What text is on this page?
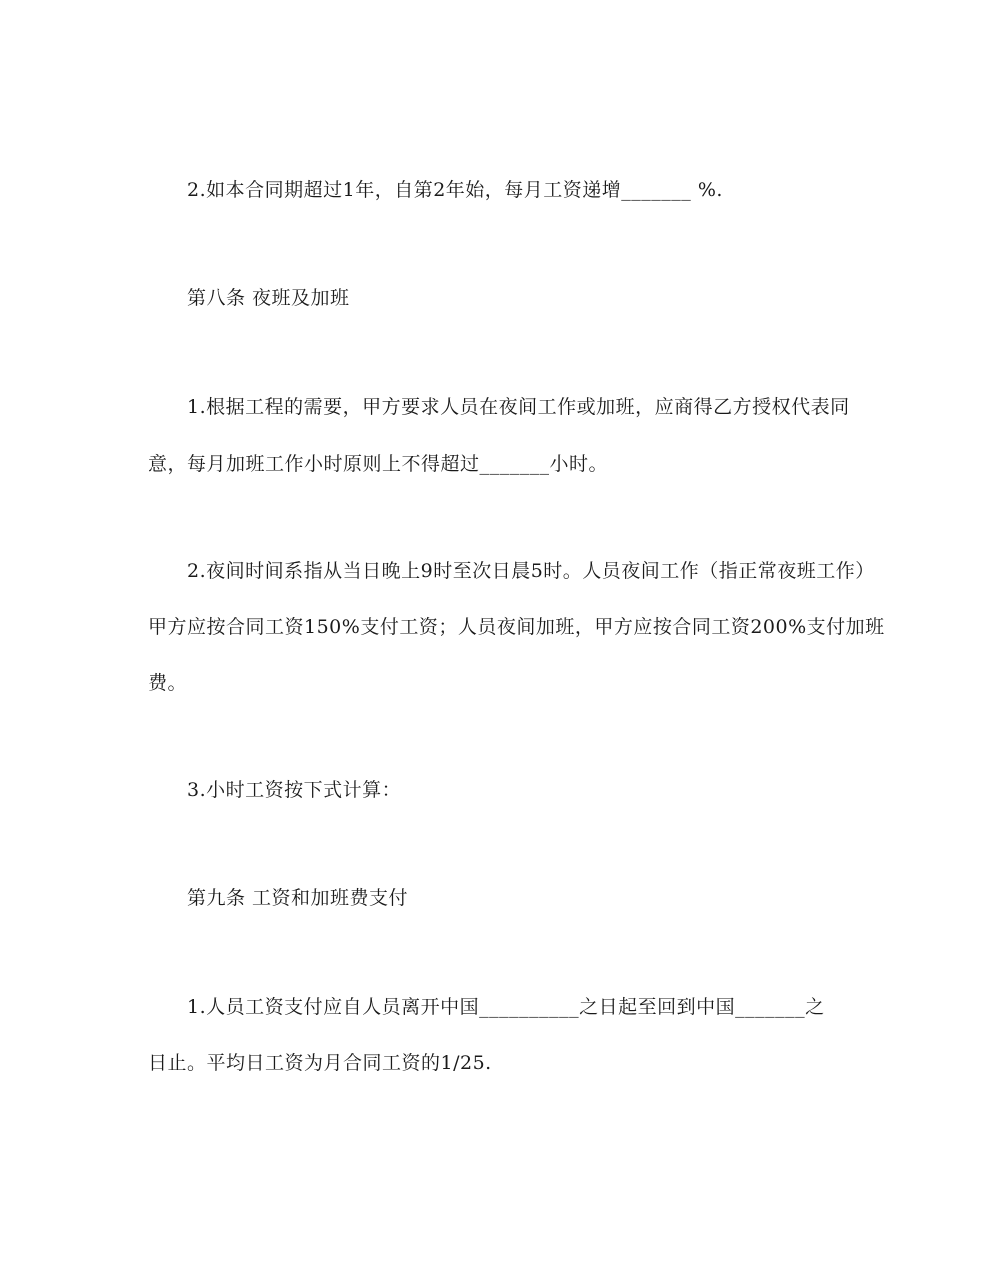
2.如本合同期超过1年，自第2年始，每月工资递增_______ %.
第八条 夜班及加班
1.根据工程的需要，甲方要求人员在夜间工作或加班，应商得乙方授权代表同
意，每月加班工作小时原则上不得超过_______小时。
2.夜间时间系指从当日晚上9时至次日晨5时。人员夜间工作（指正常夜班工作）
甲方应按合同工资150%支付工资；人员夜间加班，甲方应按合同工资200%支付加班
费。
3.小时工资按下式计算：
第九条 工资和加班费支付
1.人员工资支付应自人员离开中国__________之日起至回到中国_______之
日止。平均日工资为月合同工资的1/25.
